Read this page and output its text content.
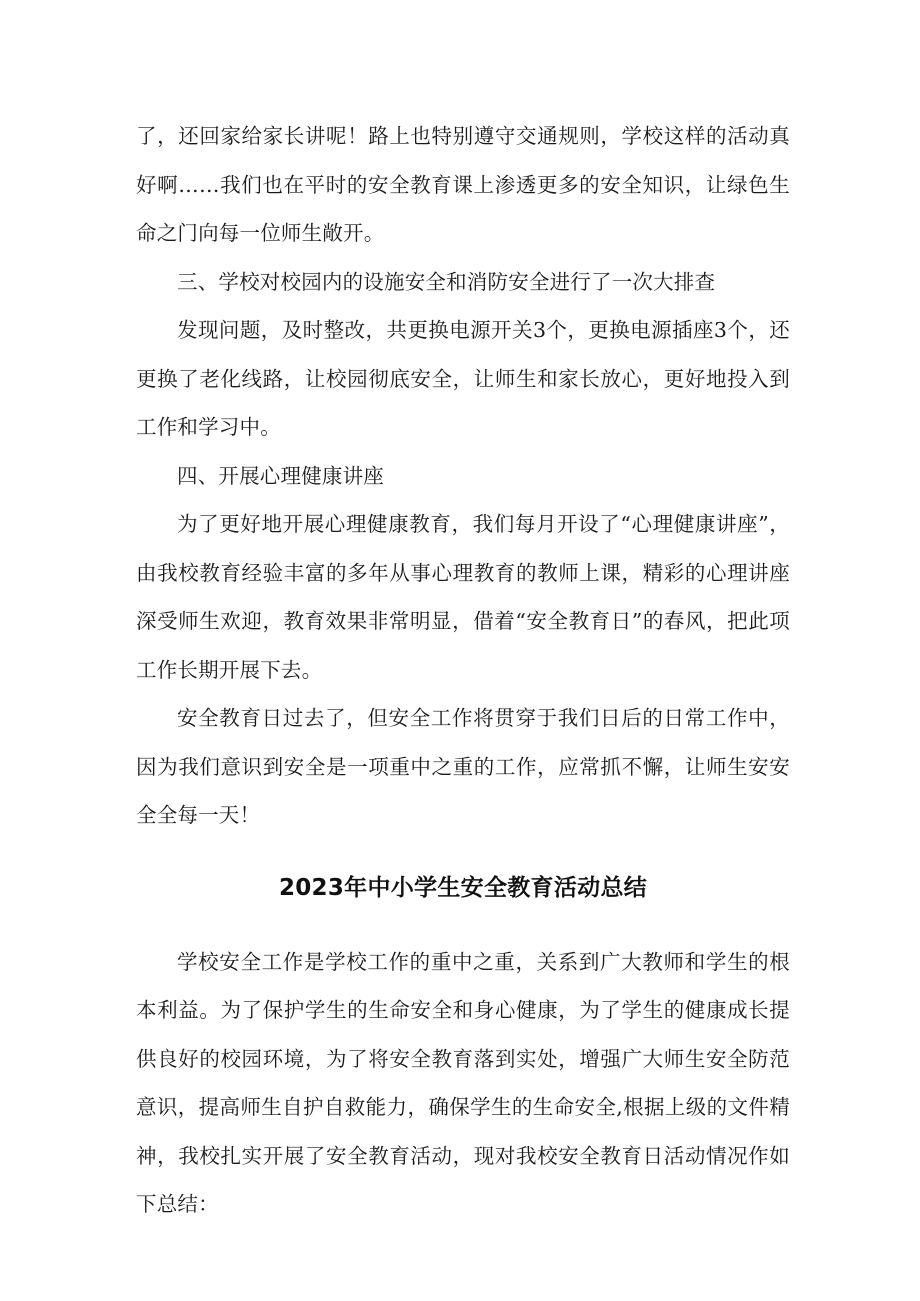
了，还回家给家长讲呢！路上也特别遵守交通规则，学校这样的活动真好啊……我们也在平时的安全教育课上渗透更多的安全知识，让绿色生命之门向每一位师生敞开。

三、学校对校园内的设施安全和消防安全进行了一次大排查

发现问题，及时整改，共更换电源开关3个，更换电源插座3个，还更换了老化线路，让校园彻底安全，让师生和家长放心，更好地投入到工作和学习中。

四、开展心理健康讲座

为了更好地开展心理健康教育，我们每月开设了“心理健康讲座”，由我校教育经验丰富的多年从事心理教育的教师上课，精彩的心理讲座深受师生欢迎，教育效果非常明显，借着“安全教育日”的春风，把此项工作长期开展下去。

安全教育日过去了，但安全工作将贯穿于我们日后的日常工作中，因为我们意识到安全是一项重中之重的工作，应常抓不懈，让师生安安全全每一天！

2023年中小学生安全教育活动总结

学校安全工作是学校工作的重中之重，关系到广大教师和学生的根本利益。为了保护学生的生命安全和身心健康，为了学生的健康成长提供良好的校园环境，为了将安全教育落到实处，增强广大师生安全防范意识，提高师生自护自救能力，确保学生的生命安全,根据上级的文件精神，我校扎实开展了安全教育活动，现对我校安全教育日活动情况作如下总结：
